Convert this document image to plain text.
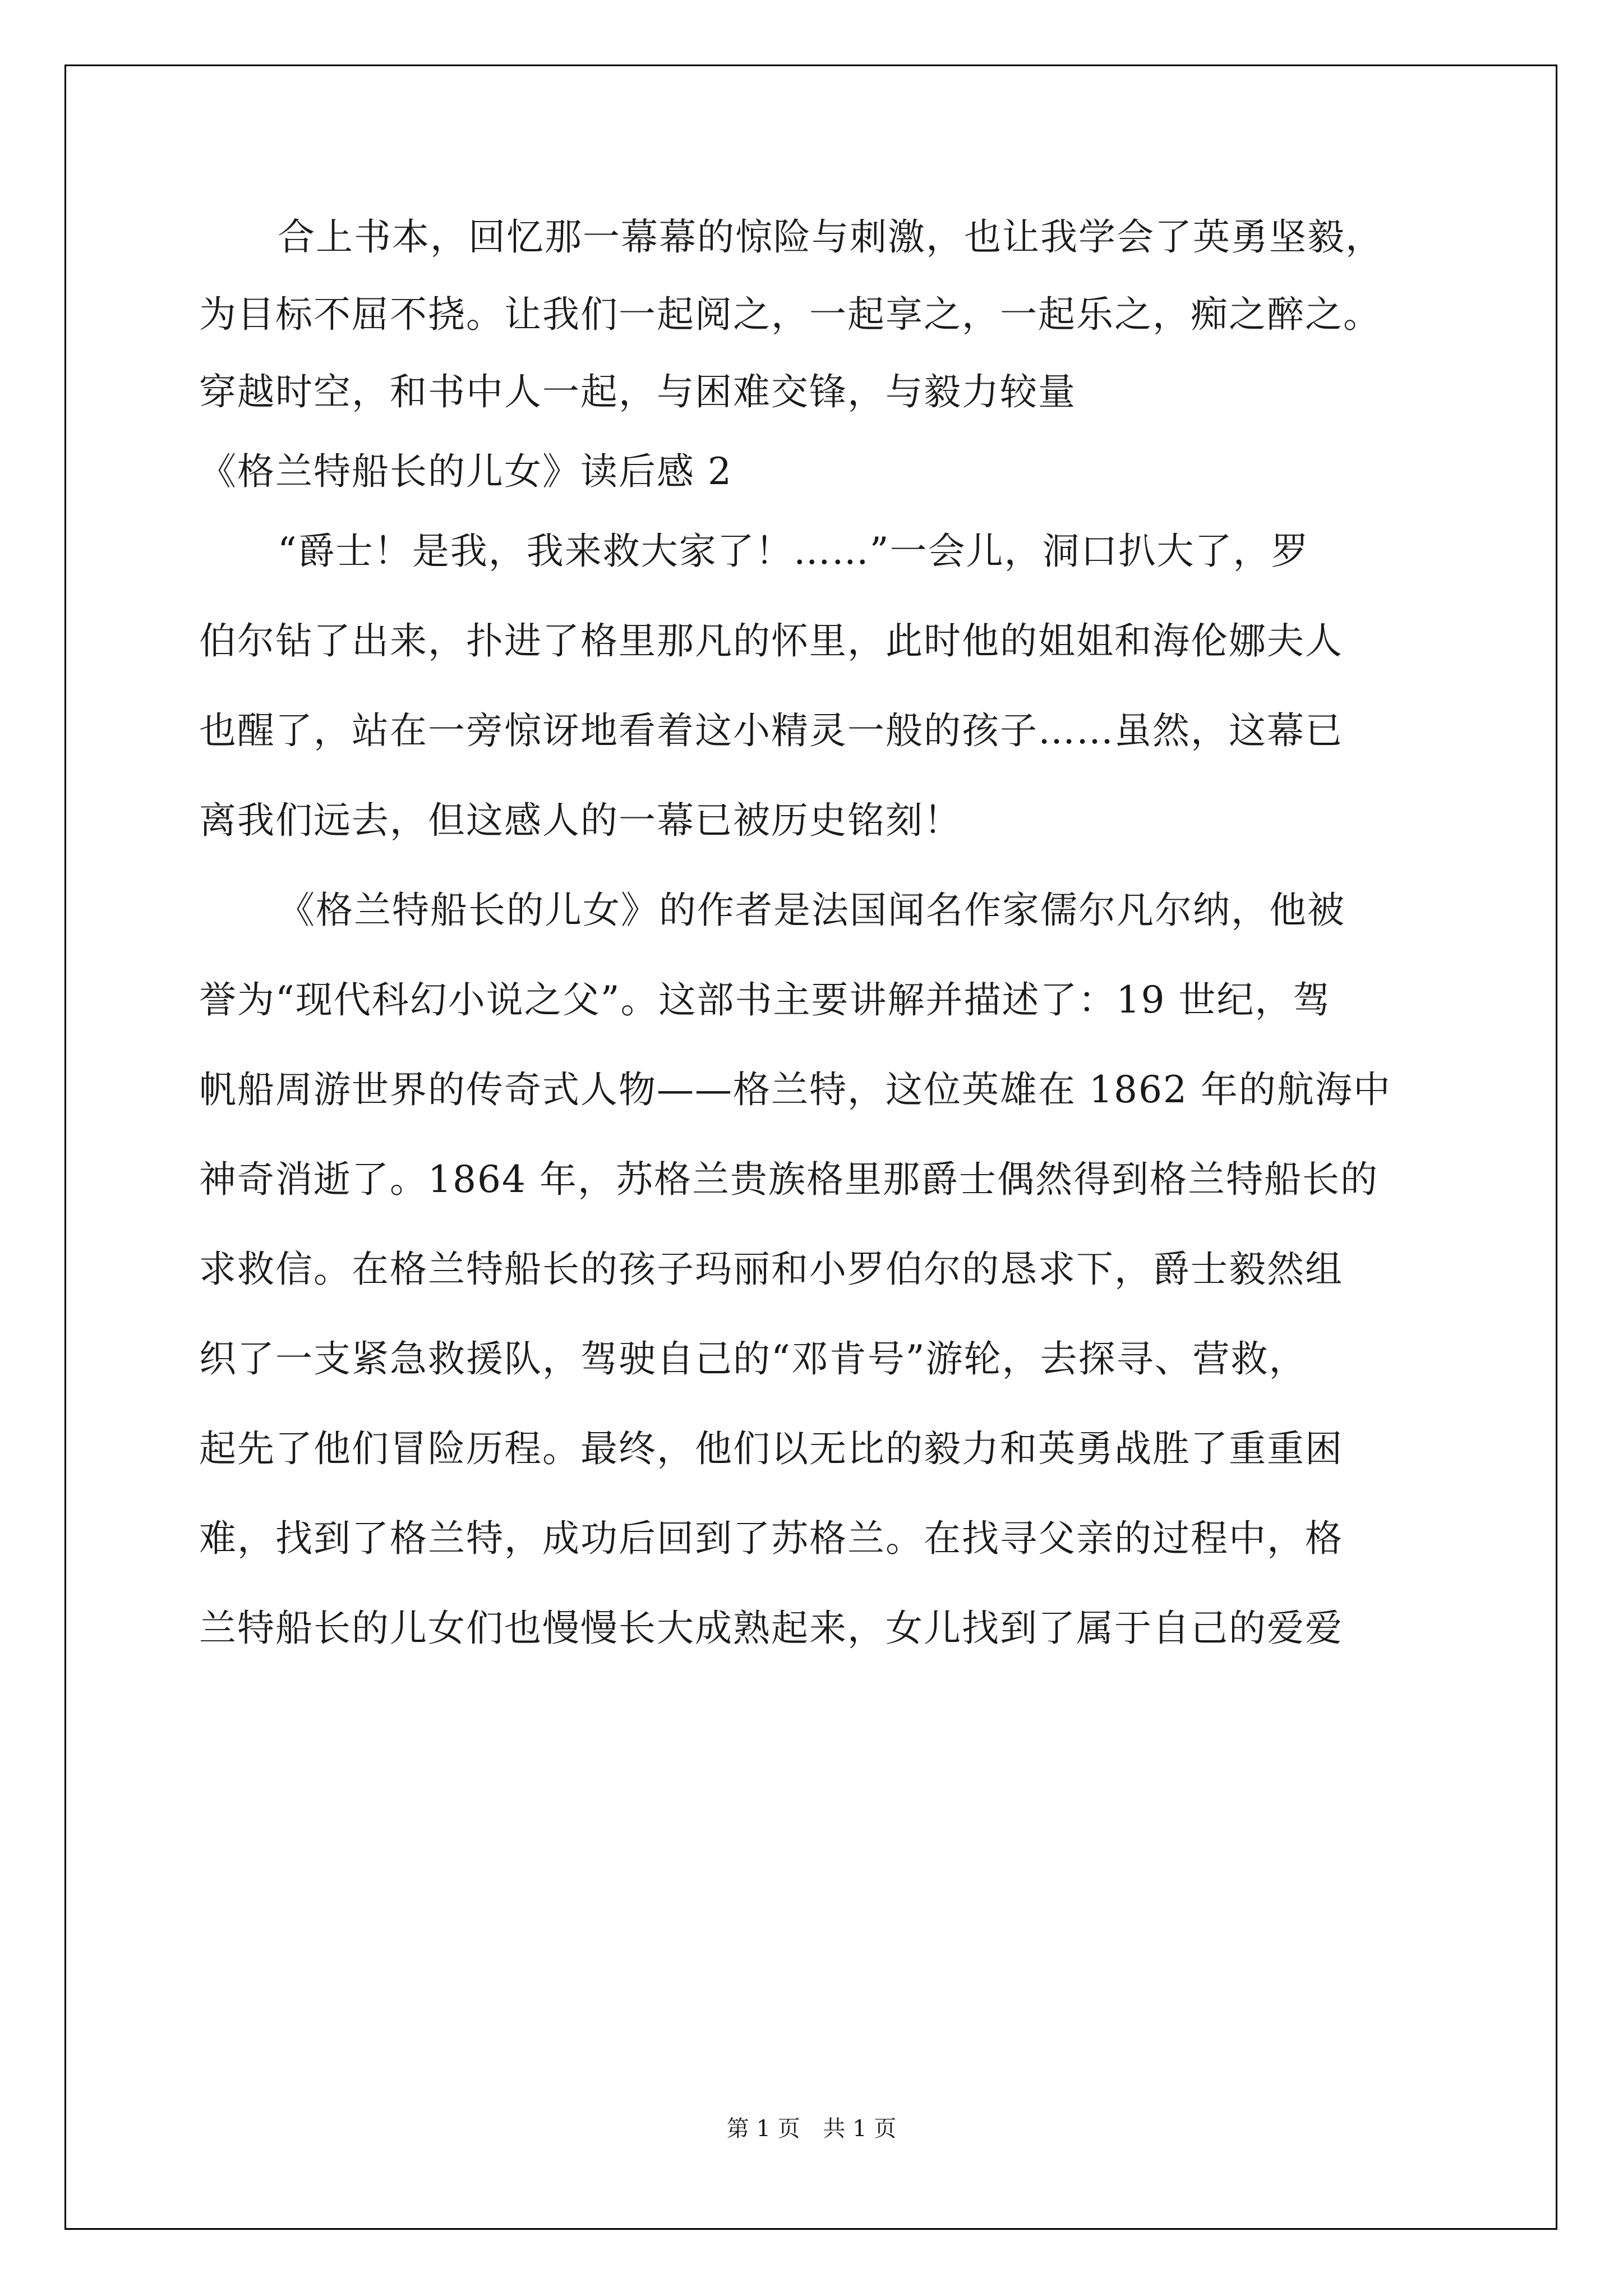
合上书本，回忆那一幕幕的惊险与刺激，也让我学会了英勇坚毅，
为目标不屈不挠。让我们一起阅之，一起享之，一起乐之，痴之醉之。
穿越时空，和书中人一起，与困难交锋，与毅力较量
《格兰特船长的儿女》读后感 2
“爵士！是我，我来救大家了！……”一会儿，洞口扒大了，罗
伯尔钻了出来，扑进了格里那凡的怀里，此时他的姐姐和海伦娜夫人
也醒了，站在一旁惊讶地看着这小精灵一般的孩子……虽然，这幕已
离我们远去，但这感人的一幕已被历史铭刻！
《格兰特船长的儿女》的作者是法国闻名作家儒尔凡尔纳，他被
誉为“现代科幻小说之父”。这部书主要讲解并描述了：19 世纪，驾
帆船周游世界的传奇式人物——格兰特，这位英雄在 1862 年的航海中
神奇消逝了。1864 年，苏格兰贵族格里那爵士偶然得到格兰特船长的
求救信。在格兰特船长的孩子玛丽和小罗伯尔的恳求下，爵士毅然组
织了一支紧急救援队，驾驶自己的“邓肯号”游轮，去探寻、营救，
起先了他们冒险历程。最终，他们以无比的毅力和英勇战胜了重重困
难，找到了格兰特，成功后回到了苏格兰。在找寻父亲的过程中，格
兰特船长的儿女们也慢慢长大成熟起来，女儿找到了属于自己的爱爱
第 1 页 共 1 页
